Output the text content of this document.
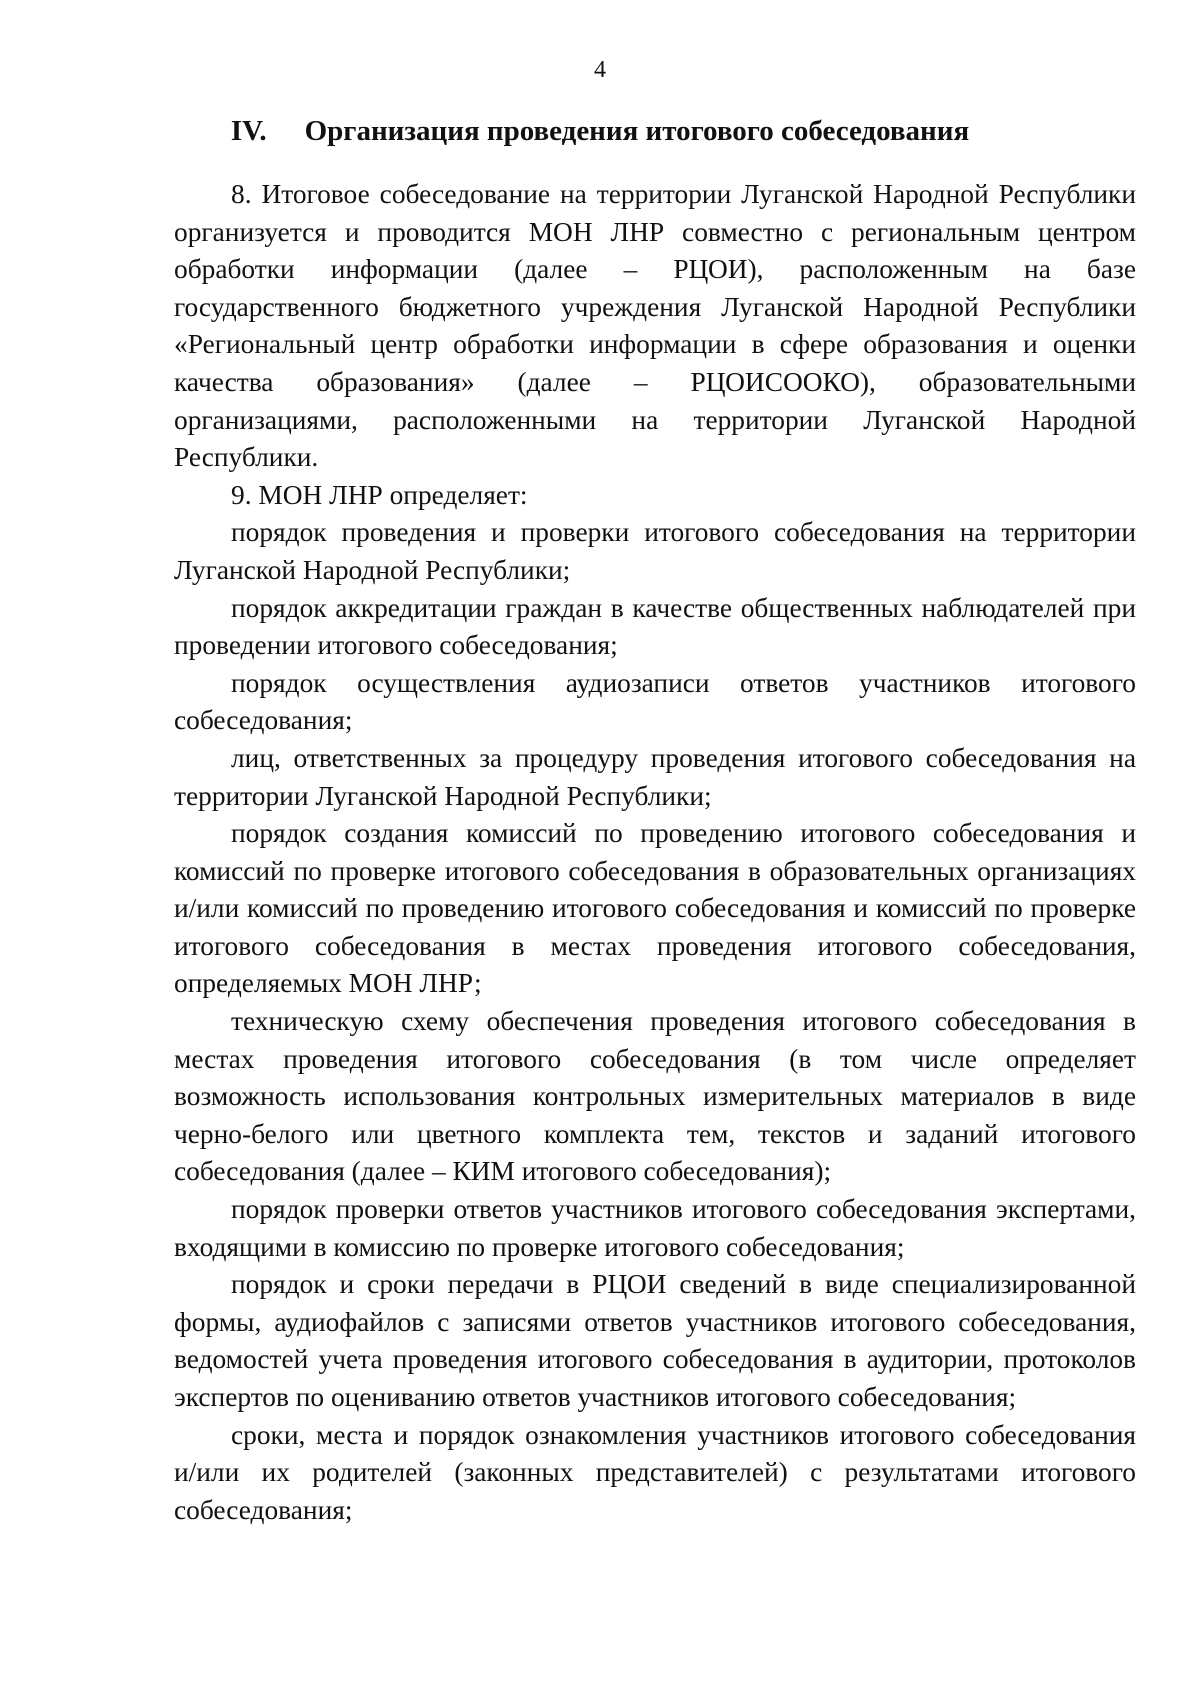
4
IV. Организация проведения итогового собеседования

8. Итоговое собеседование на территории Луганской Народной Республики организуется и проводится МОН ЛНР совместно с региональным центром обработки информации (далее – РЦОИ), расположенным на базе государственного бюджетного учреждения Луганской Народной Республики «Региональный центр обработки информации в сфере образования и оценки качества образования» (далее – РЦОИСООКО), образовательными организациями, расположенными на территории Луганской Народной Республики.

9. МОН ЛНР определяет:

порядок проведения и проверки итогового собеседования на территории Луганской Народной Республики;

порядок аккредитации граждан в качестве общественных наблюдателей при проведении итогового собеседования;

порядок осуществления аудиозаписи ответов участников итогового собеседования;

лиц, ответственных за процедуру проведения итогового собеседования на территории Луганской Народной Республики;

порядок создания комиссий по проведению итогового собеседования и комиссий по проверке итогового собеседования в образовательных организациях и/или комиссий по проведению итогового собеседования и комиссий по проверке итогового собеседования в местах проведения итогового собеседования, определяемых МОН ЛНР;

техническую схему обеспечения проведения итогового собеседования в местах проведения итогового собеседования (в том числе определяет возможность использования контрольных измерительных материалов в виде черно-белого или цветного комплекта тем, текстов и заданий итогового собеседования (далее – КИМ итогового собеседования);

порядок проверки ответов участников итогового собеседования экспертами, входящими в комиссию по проверке итогового собеседования;

порядок и сроки передачи в РЦОИ сведений в виде специализированной формы, аудиофайлов с записями ответов участников итогового собеседования, ведомостей учета проведения итогового собеседования в аудитории, протоколов экспертов по оцениванию ответов участников итогового собеседования;

сроки, места и порядок ознакомления участников итогового собеседования и/или их родителей (законных представителей) с результатами итогового собеседования;
